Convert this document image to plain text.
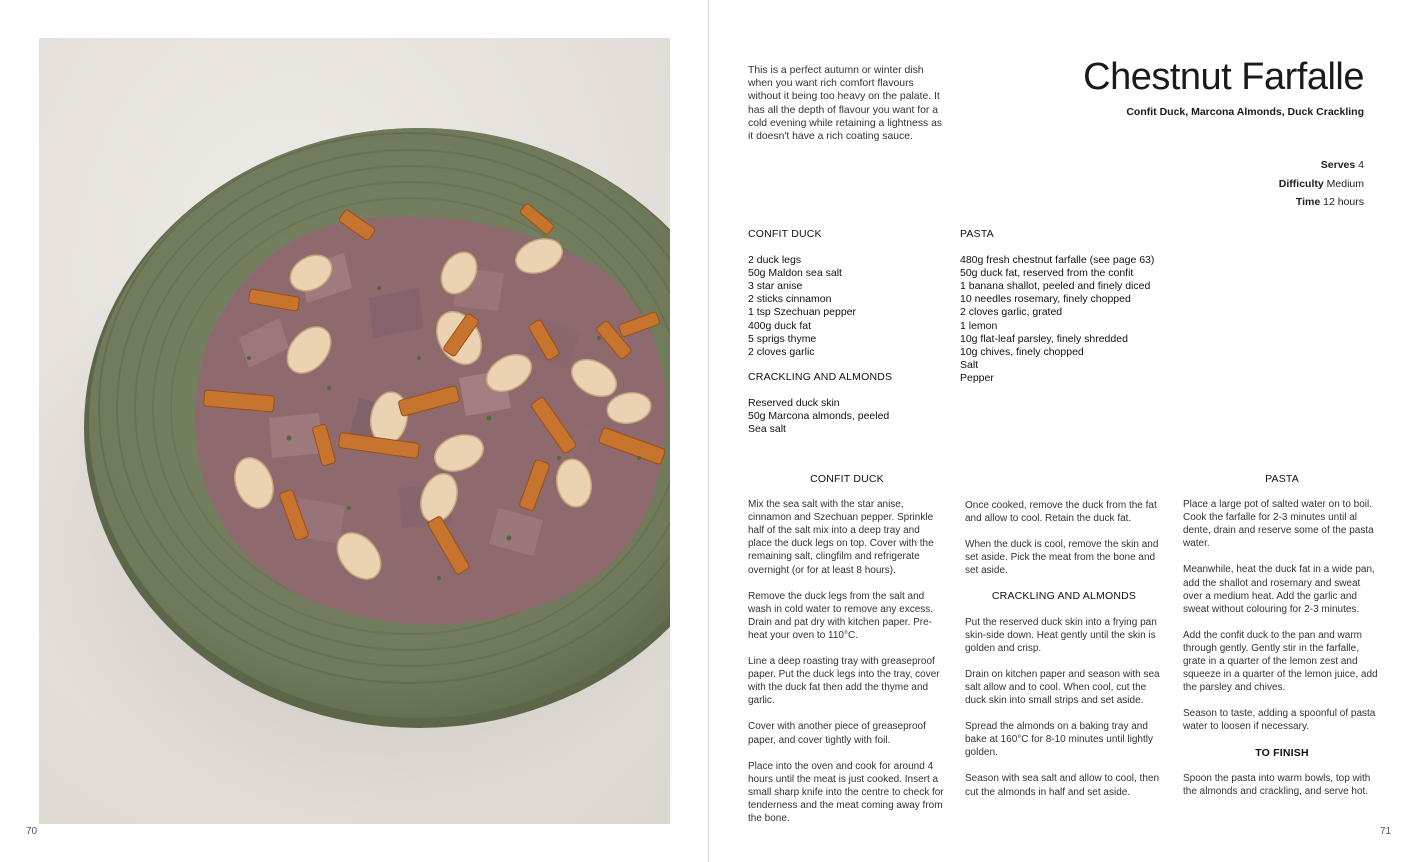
70
This is a perfect autumn or winter dish when you want rich comfort flavours without it being too heavy on the palate. It has all the depth of flavour you want for a cold evening while retaining a lightness as it doesn't have a rich coating sauce.
Chestnut Farfalle
Confit Duck, Marcona Almonds, Duck Crackling
Serves 4
Difficulty Medium
Time 12 hours
CONFIT DUCK
2 duck legs
50g Maldon sea salt
3 star anise
2 sticks cinnamon
1 tsp Szechuan pepper
400g duck fat
5 sprigs thyme
2 cloves garlic
CRACKLING AND ALMONDS
Reserved duck skin
50g Marcona almonds, peeled
Sea salt
PASTA
480g fresh chestnut farfalle (see page 63)
50g duck fat, reserved from the confit
1 banana shallot, peeled and finely diced
10 needles rosemary, finely chopped
2 cloves garlic, grated
1 lemon
10g flat-leaf parsley, finely shredded
10g chives, finely chopped
Salt
Pepper
CONFIT DUCK

Mix the sea salt with the star anise, cinnamon and Szechuan pepper. Sprinkle half of the salt mix into a deep tray and place the duck legs on top. Cover with the remaining salt, clingfilm and refrigerate overnight (or for at least 8 hours).

Remove the duck legs from the salt and wash in cold water to remove any excess. Drain and pat dry with kitchen paper. Pre-heat your oven to 110°C.

Line a deep roasting tray with greaseproof paper. Put the duck legs into the tray, cover with the duck fat then add the thyme and garlic.

Cover with another piece of greaseproof paper, and cover tightly with foil.

Place into the oven and cook for around 4 hours until the meat is just cooked. Insert a small sharp knife into the centre to check for tenderness and the meat coming away from the bone.

Once cooked, remove the duck from the fat and allow to cool. Retain the duck fat.

When the duck is cool, remove the skin and set aside. Pick the meat from the bone and set aside.

CRACKLING AND ALMONDS

Put the reserved duck skin into a frying pan skin-side down. Heat gently until the skin is golden and crisp.

Drain on kitchen paper and season with sea salt allow and to cool. When cool, cut the duck skin into small strips and set aside.

Spread the almonds on a baking tray and bake at 160°C for 8-10 minutes until lightly golden.

Season with sea salt and allow to cool, then cut the almonds in half and set aside.

PASTA

Place a large pot of salted water on to boil. Cook the farfalle for 2-3 minutes until al dente, drain and reserve some of the pasta water.

Meanwhile, heat the duck fat in a wide pan, add the shallot and rosemary and sweat over a medium heat. Add the garlic and sweat without colouring for 2-3 minutes.

Add the confit duck to the pan and warm through gently. Gently stir in the farfalle, grate in a quarter of the lemon zest and squeeze in a quarter of the lemon juice, add the parsley and chives.

Season to taste, adding a spoonful of pasta water to loosen if necessary.

TO FINISH

Spoon the pasta into warm bowls, top with the almonds and crackling, and serve hot.

71
